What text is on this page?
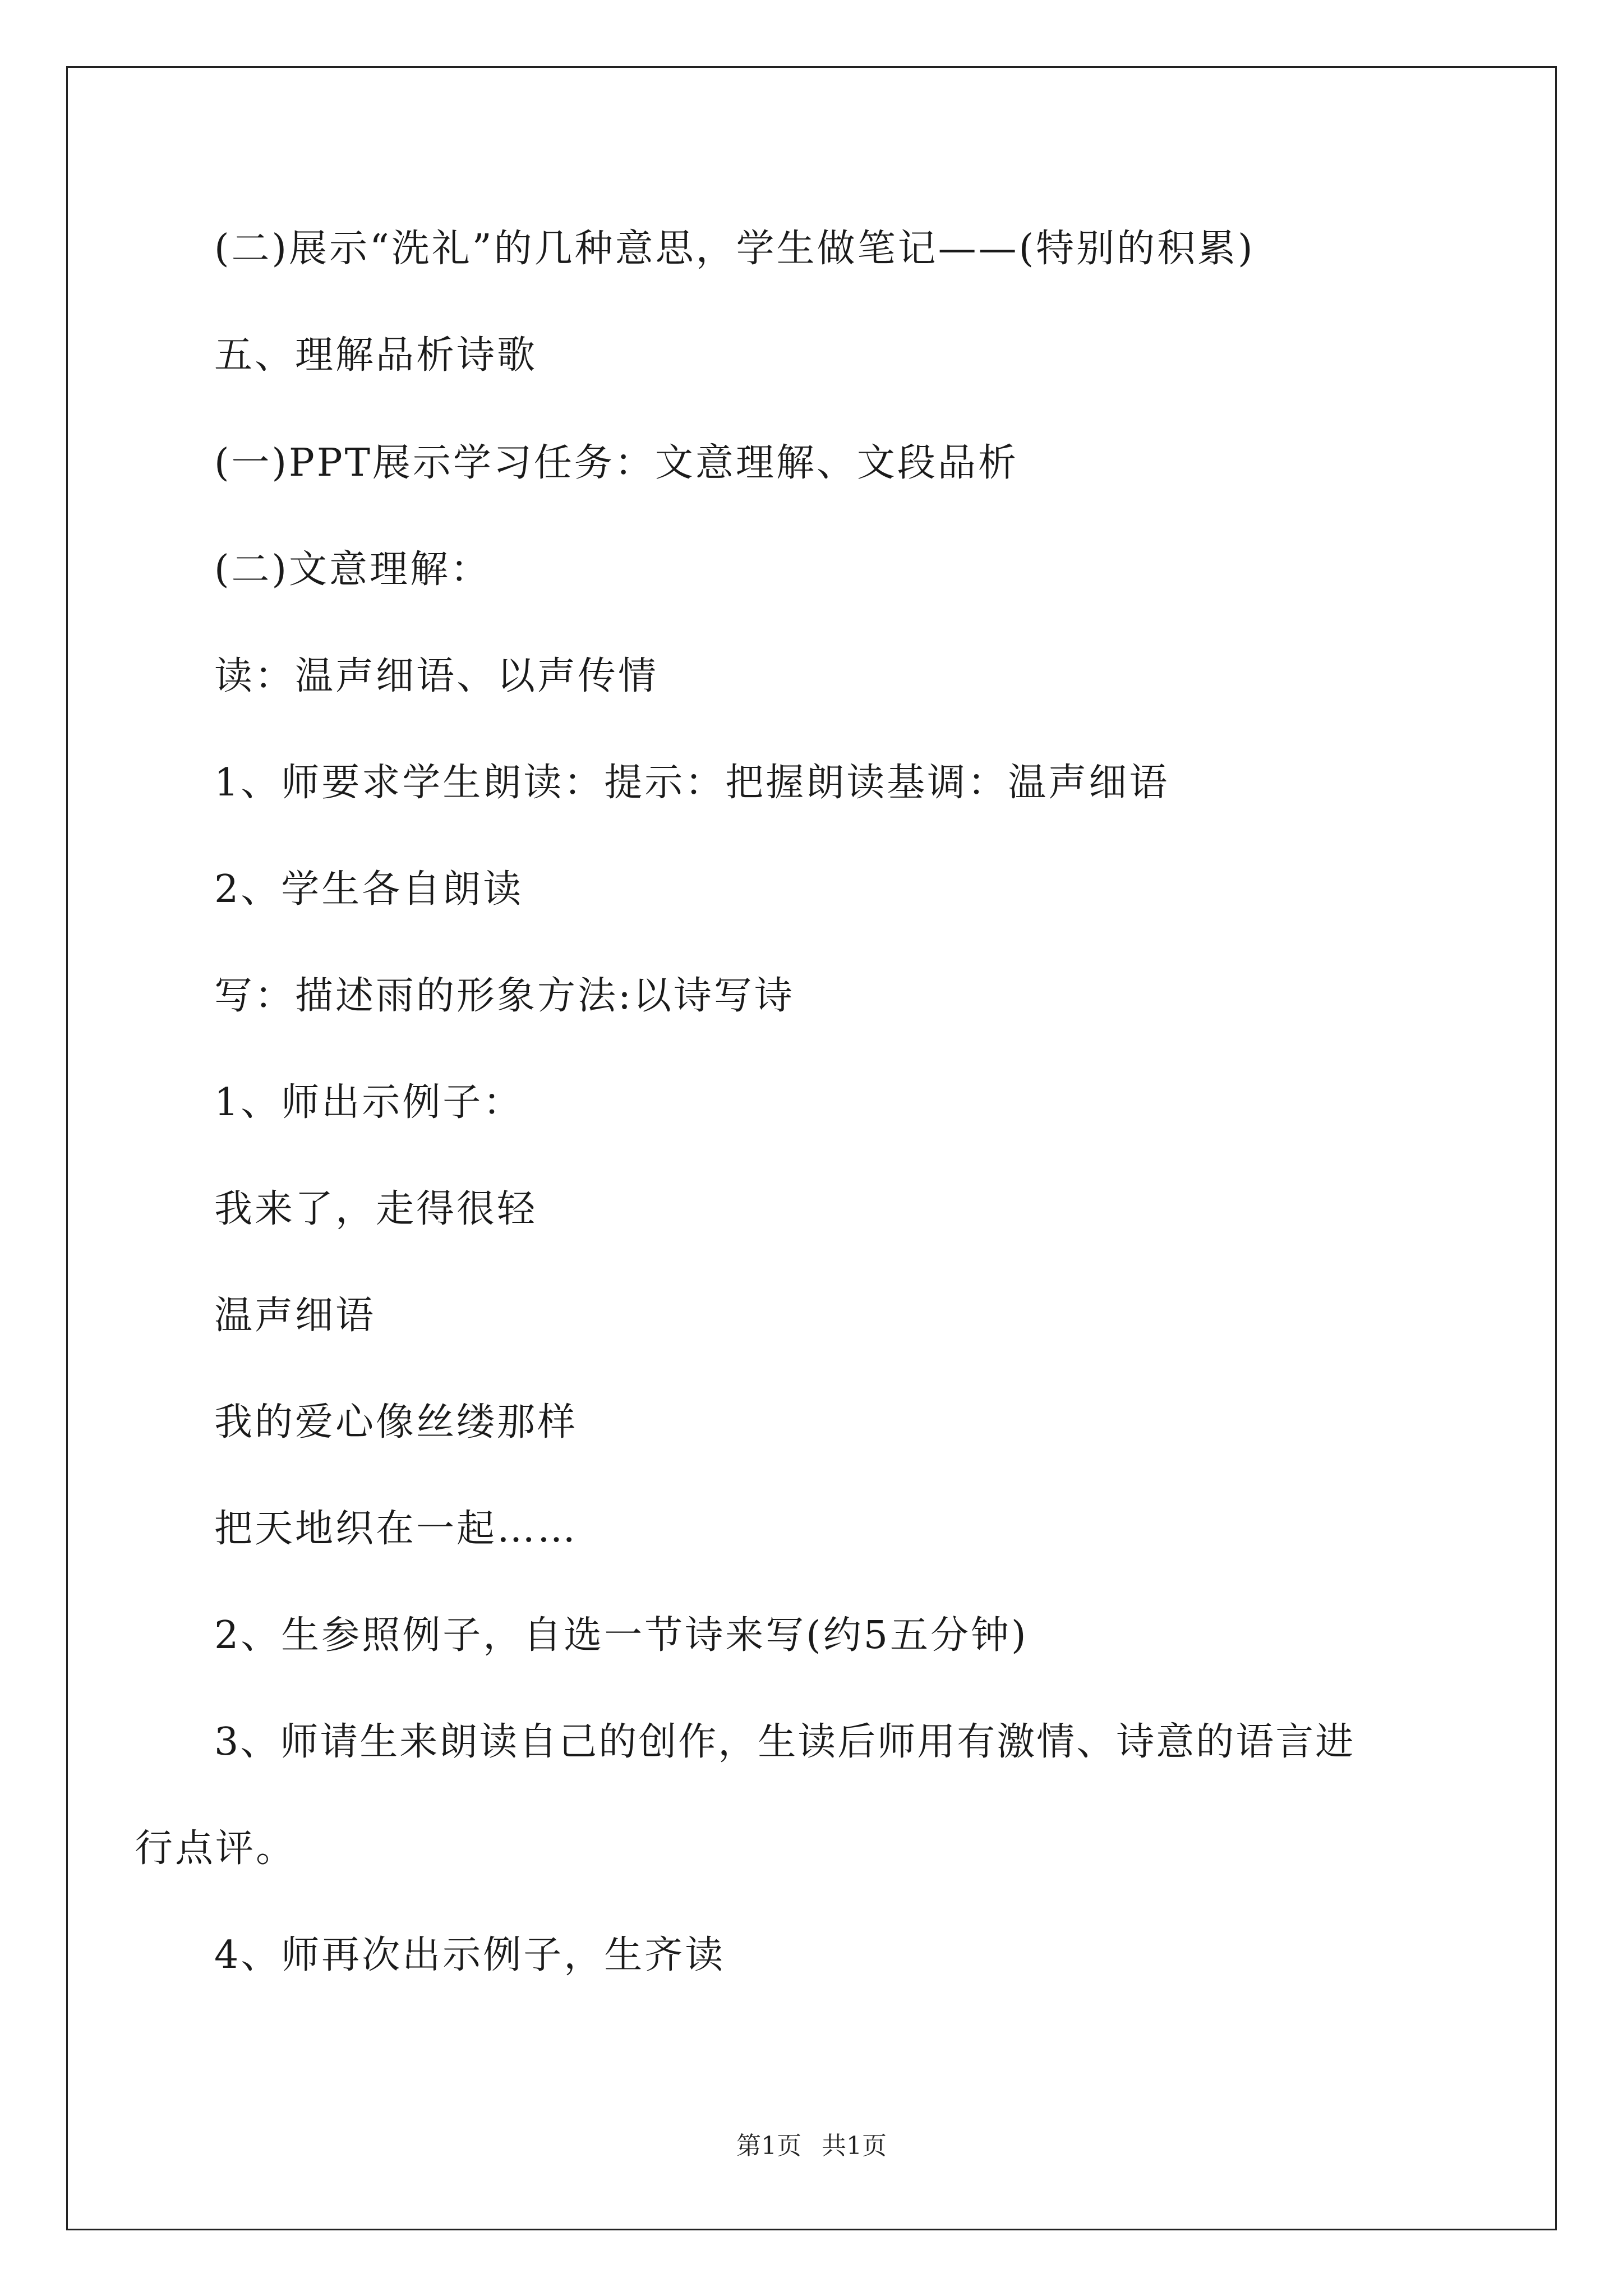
(二)展示“洗礼”的几种意思，学生做笔记——(特别的积累)
五、理解品析诗歌
(一)PPT展示学习任务：文意理解、文段品析
(二)文意理解：
读：温声细语、以声传情
1、师要求学生朗读：提示：把握朗读基调：温声细语
2、学生各自朗读
写：描述雨的形象方法:以诗写诗
1、师出示例子：
我来了，走得很轻
温声细语
我的爱心像丝缕那样
把天地织在一起……
2、生参照例子，自选一节诗来写(约5五分钟)
3、师请生来朗读自己的创作，生读后师用有激情、诗意的语言进
行点评。
4、师再次出示例子，生齐读
第1页 共1页
